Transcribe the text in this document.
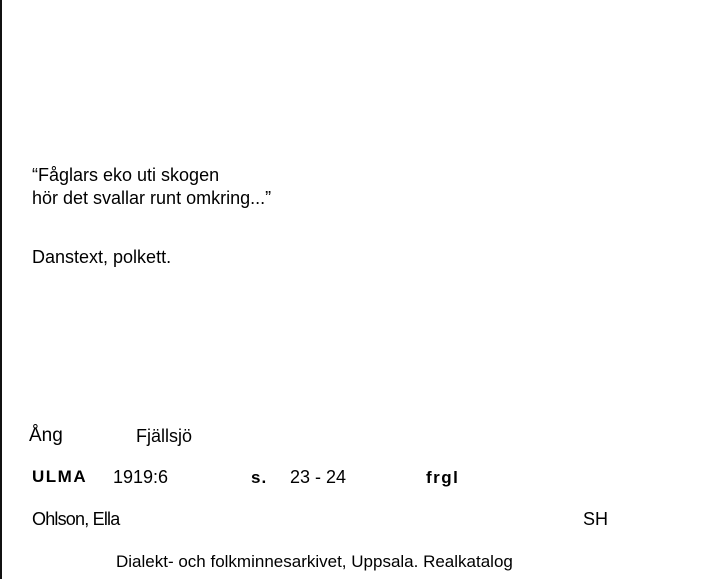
“Fåglars eko uti skogen
hör det svallar runt omkring...”
Danstext, polkett.
Ång	Fjällsjö
ULMA 1919:6	s. 23 - 24	frgl
Ohlson, Ella	SH
Dialekt- och folkminnesarkivet, Uppsala. Realkatalog
